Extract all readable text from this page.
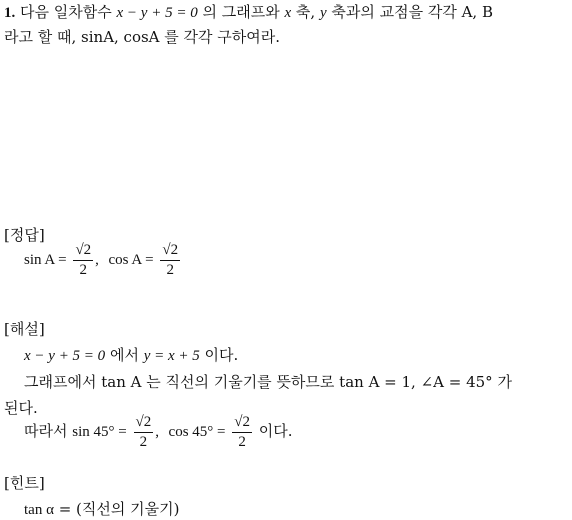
1. 다음 일차함수 x − y + 5 = 0 의 그래프와 x 축, y 축과의 교점을 각각 A, B
라고 할 때, sinA, cosA 를 각각 구하여라.
[정답]
$\sin A = \frac{√2}{2}$ , $\cos A = \frac{√2}{2}$
[해설]
x − y + 5 = 0 에서 y = x + 5 이다.
그래프에서 tan A 는 직선의 기울기를 뜻하므로 tan A = 1, ∠A = 45° 가
된다.
따라서 $\sin 45^\circ = \frac{√2}{2}$ , $\cos 45^\circ = \frac{√2}{2}$ 이다.
[힌트]
tan α = (직선의 기울기)
